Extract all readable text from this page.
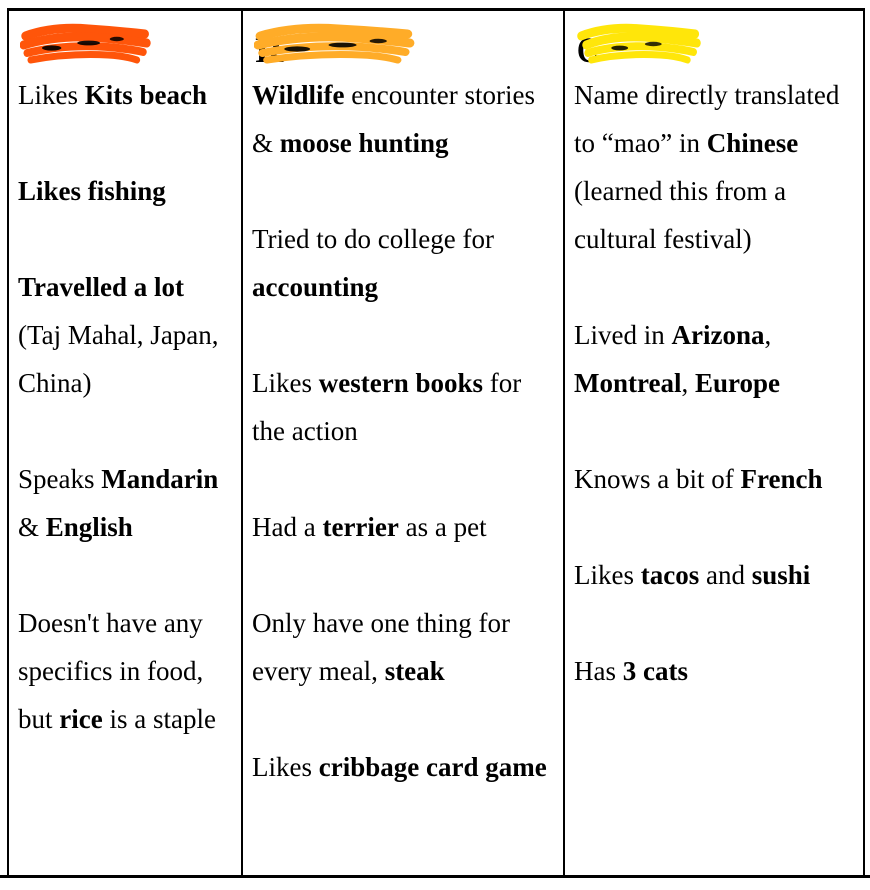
Likes Kits beach

Likes fishing

Travelled a lot (Taj Mahal, Japan, China)

Speaks Mandarin & English

Doesn't have any specifics in food, but rice is a staple

R

Wildlife encounter stories & moose hunting

Tried to do college for accounting

Likes western books for the action

Had a terrier as a pet

Only have one thing for every meal, steak

Likes cribbage card game

C

Name directly translated to “mao” in Chinese (learned this from a cultural festival)

Lived in Arizona, Montreal, Europe

Knows a bit of French

Likes tacos and sushi

Has 3 cats
